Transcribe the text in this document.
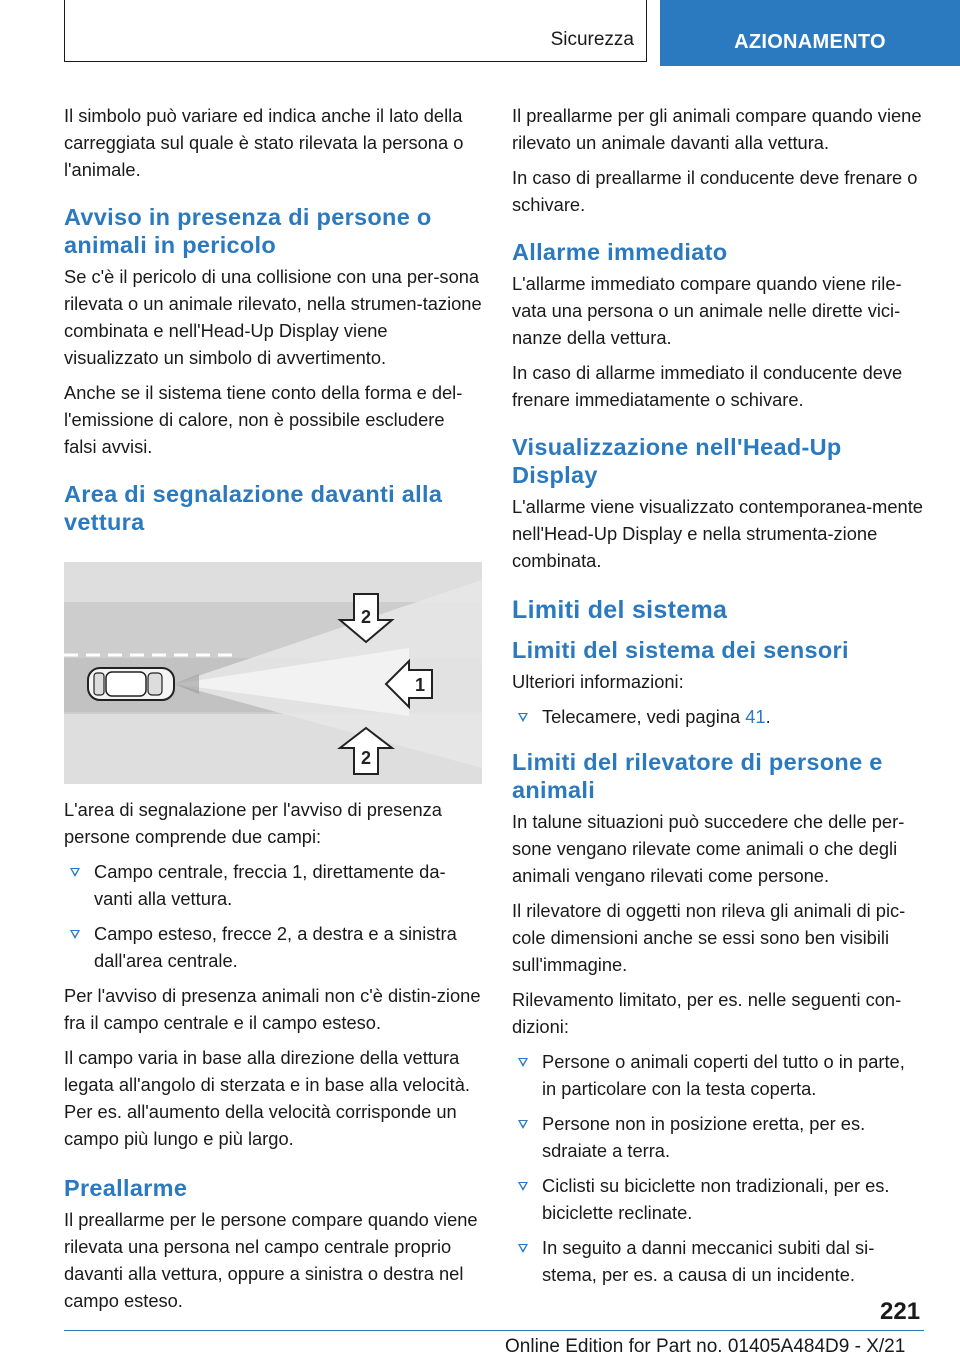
Sicurezza	AZIONAMENTO

Il simbolo può variare ed indica anche il lato della carreggiata sul quale è stato rilevata la persona o l'animale.

Avviso in presenza di persone o animali in pericolo

Se c'è il pericolo di una collisione con una per-sona rilevata o un animale rilevato, nella strumen-tazione combinata e nell'Head-Up Display viene visualizzato un simbolo di avvertimento.

Anche se il sistema tiene conto della forma e del-l'emissione di calore, non è possibile escludere falsi avvisi.

Area di segnalazione davanti alla vettura
1
2
2

L'area di segnalazione per l'avviso di presenza persone comprende due campi:

Campo centrale, freccia 1, direttamente da-vanti alla vettura.
Campo esteso, frecce 2, a destra e a sinistra dall'area centrale.

Per l'avviso di presenza animali non c'è distin-zione fra il campo centrale e il campo esteso.

Il campo varia in base alla direzione della vettura legata all'angolo di sterzata e in base alla velocità. Per es. all'aumento della velocità corrisponde un campo più lungo e più largo.

Preallarme

Il preallarme per le persone compare quando viene rilevata una persona nel campo centrale proprio davanti alla vettura, oppure a sinistra o destra nel campo esteso.

Il preallarme per gli animali compare quando viene rilevato un animale davanti alla vettura.

In caso di preallarme il conducente deve frenare o schivare.

Allarme immediato

L'allarme immediato compare quando viene rile-vata una persona o un animale nelle dirette vici-nanze della vettura.

In caso di allarme immediato il conducente deve frenare immediatamente o schivare.

Visualizzazione nell'Head-Up Display

L'allarme viene visualizzato contemporanea-mente nell'Head-Up Display e nella strumenta-zione combinata.

Limiti del sistema
Limiti del sistema dei sensori

Ulteriori informazioni:

Telecamere, vedi pagina 41.
Limiti del rilevatore di persone e animali

In talune situazioni può succedere che delle per-sone vengano rilevate come animali o che degli animali vengano rilevati come persone.

Il rilevatore di oggetti non rileva gli animali di pic-cole dimensioni anche se essi sono ben visibili sull'immagine.

Rilevamento limitato, per es. nelle seguenti con-dizioni:

Persone o animali coperti del tutto o in parte, in particolare con la testa coperta.
Persone non in posizione eretta, per es. sdraiate a terra.
Ciclisti su biciclette non tradizionali, per es. biciclette reclinate.
In seguito a danni meccanici subiti dal si-stema, per es. a causa di un incidente.
221
Online Edition for Part no. 01405A484D9 - X/21
